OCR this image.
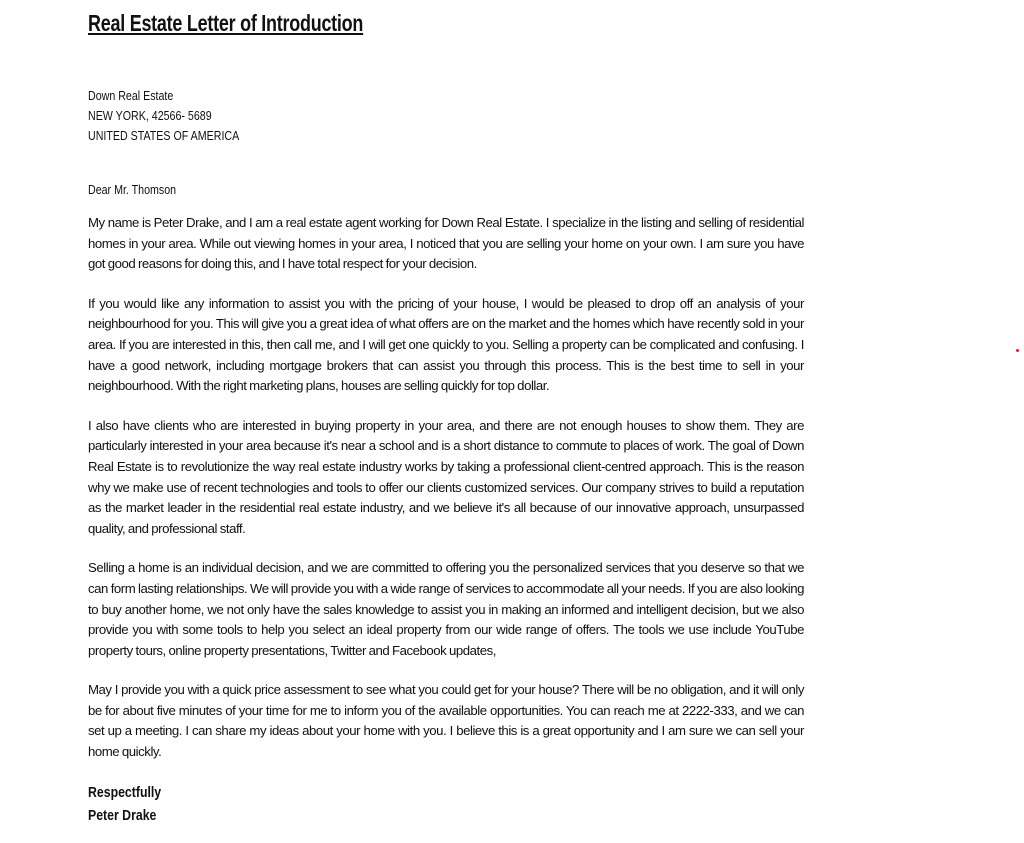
Real Estate Letter of Introduction
Down Real Estate
NEW YORK, 42566- 5689
UNITED STATES OF AMERICA
Dear Mr. Thomson

My name is Peter Drake, and I am a real estate agent working for Down Real Estate. I specialize in the listing and selling of residential homes in your area. While out viewing homes in your area, I noticed that you are selling your home on your own. I am sure you have got good reasons for doing this, and I have total respect for your decision.

If you would like any information to assist you with the pricing of your house, I would be pleased to drop off an analysis of your neighbourhood for you. This will give you a great idea of what offers are on the market and the homes which have recently sold in your area. If you are interested in this, then call me, and I will get one quickly to you. Selling a property can be complicated and confusing. I have a good network, including mortgage brokers that can assist you through this process. This is the best time to sell in your neighbourhood. With the right marketing plans, houses are selling quickly for top dollar.

I also have clients who are interested in buying property in your area, and there are not enough houses to show them. They are particularly interested in your area because it's near a school and is a short distance to commute to places of work. The goal of Down Real Estate is to revolutionize the way real estate industry works by taking a professional client-centred approach. This is the reason why we make use of recent technologies and tools to offer our clients customized services. Our company strives to build a reputation as the market leader in the residential real estate industry, and we believe it's all because of our innovative approach, unsurpassed quality, and professional staff.

Selling a home is an individual decision, and we are committed to offering you the personalized services that you deserve so that we can form lasting relationships. We will provide you with a wide range of services to accommodate all your needs. If you are also looking to buy another home, we not only have the sales knowledge to assist you in making an informed and intelligent decision, but we also provide you with some tools to help you select an ideal property from our wide range of offers. The tools we use include YouTube property tours, online property presentations, Twitter and Facebook updates,

May I provide you with a quick price assessment to see what you could get for your house? There will be no obligation, and it will only be for about five minutes of your time for me to inform you of the available opportunities. You can reach me at 2222-333, and we can set up a meeting. I can share my ideas about your home with you. I believe this is a great opportunity and I am sure we can sell your home quickly.

Respectfully
Peter Drake
